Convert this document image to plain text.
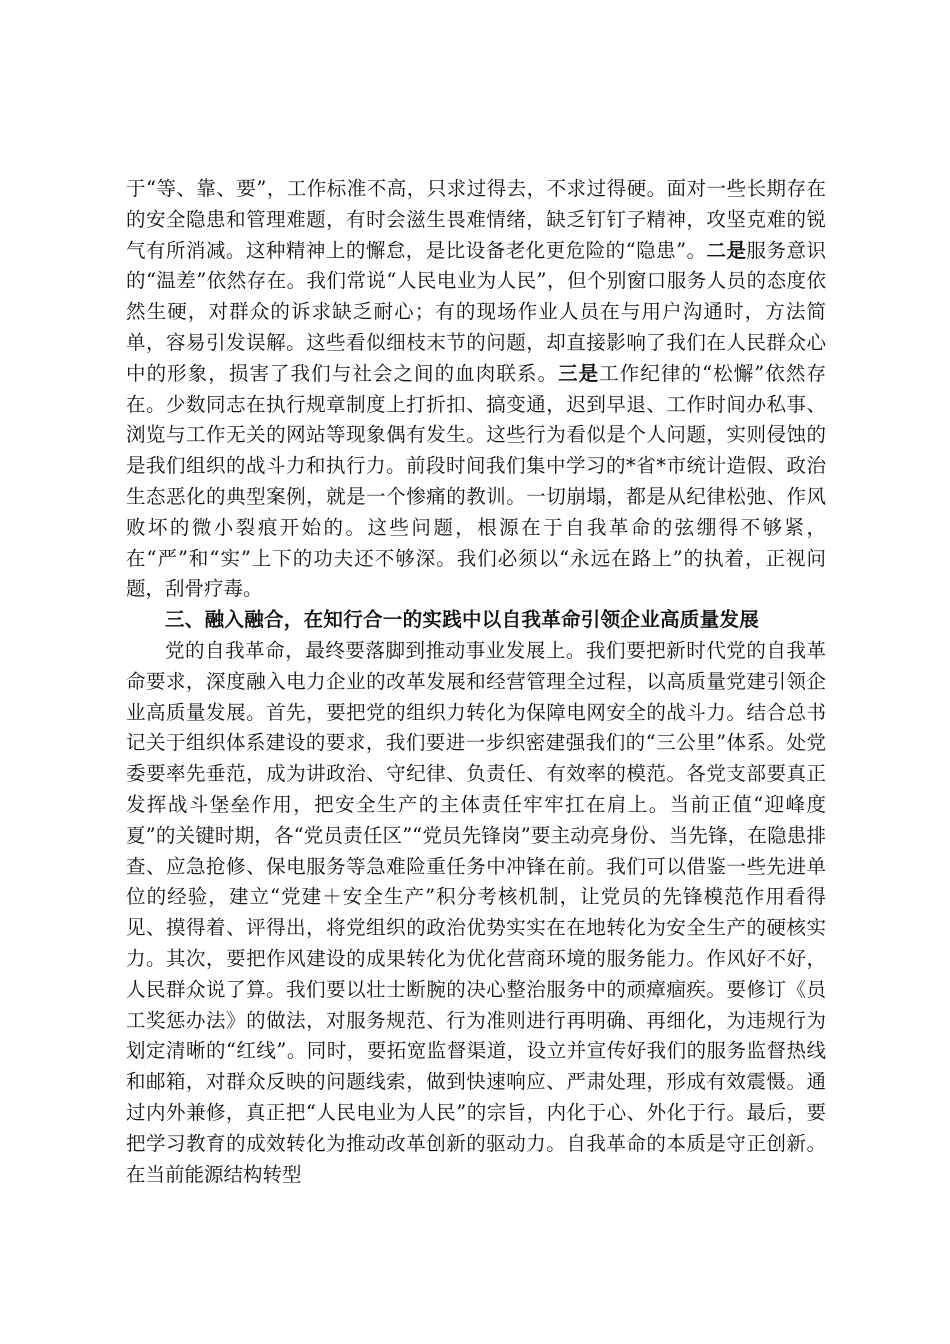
于“等、靠、要”，工作标准不高，只求过得去，不求过得硬。面对一些长期存在的安全隐患和管理难题，有时会滋生畏难情绪，缺乏钉钉子精神，攻坚克难的锐气有所消减。这种精神上的懈怠，是比设备老化更危险的“隐患”。二是服务意识的“温差”依然存在。我们常说“人民电业为人民”，但个别窗口服务人员的态度依然生硬，对群众的诉求缺乏耐心；有的现场作业人员在与用户沟通时，方法简单，容易引发误解。这些看似细枝末节的问题，却直接影响了我们在人民群众心中的形象，损害了我们与社会之间的血肉联系。三是工作纪律的“松懈”依然存在。少数同志在执行规章制度上打折扣、搞变通，迟到早退、工作时间办私事、浏览与工作无关的网站等现象偶有发生。这些行为看似是个人问题，实则侵蚀的是我们组织的战斗力和执行力。前段时间我们集中学习的*省*市统计造假、政治生态恶化的典型案例，就是一个惨痛的教训。一切崩塌，都是从纪律松弛、作风败坏的微小裂痕开始的。这些问题，根源在于自我革命的弦绷得不够紧，在“严”和“实”上下的功夫还不够深。我们必须以“永远在路上”的执着，正视问题，刮骨疗毒。

三、融入融合，在知行合一的实践中以自我革命引领企业高质量发展

党的自我革命，最终要落脚到推动事业发展上。我们要把新时代党的自我革命要求，深度融入电力企业的改革发展和经营管理全过程，以高质量党建引领企业高质量发展。首先，要把党的组织力转化为保障电网安全的战斗力。结合总书记关于组织体系建设的要求，我们要进一步织密建强我们的“三公里”体系。处党委要率先垂范，成为讲政治、守纪律、负责任、有效率的模范。各党支部要真正发挥战斗堡垒作用，把安全生产的主体责任牢牢扛在肩上。当前正值“迎峰度夏”的关键时期，各“党员责任区”“党员先锋岗”要主动亮身份、当先锋，在隐患排查、应急抢修、保电服务等急难险重任务中冲锋在前。我们可以借鉴一些先进单位的经验，建立“党建＋安全生产”积分考核机制，让党员的先锋模范作用看得见、摸得着、评得出，将党组织的政治优势实实在在地转化为安全生产的硬核实力。其次，要把作风建设的成果转化为优化营商环境的服务能力。作风好不好，人民群众说了算。我们要以壮士断腕的决心整治服务中的顽瘴痼疾。要修订《员工奖惩办法》的做法，对服务规范、行为准则进行再明确、再细化，为违规行为划定清晰的“红线”。同时，要拓宽监督渠道，设立并宣传好我们的服务监督热线和邮箱，对群众反映的问题线索，做到快速响应、严肃处理，形成有效震慑。通过内外兼修，真正把“人民电业为人民”的宗旨，内化于心、外化于行。最后，要把学习教育的成效转化为推动改革创新的驱动力。自我革命的本质是守正创新。在当前能源结构转型
